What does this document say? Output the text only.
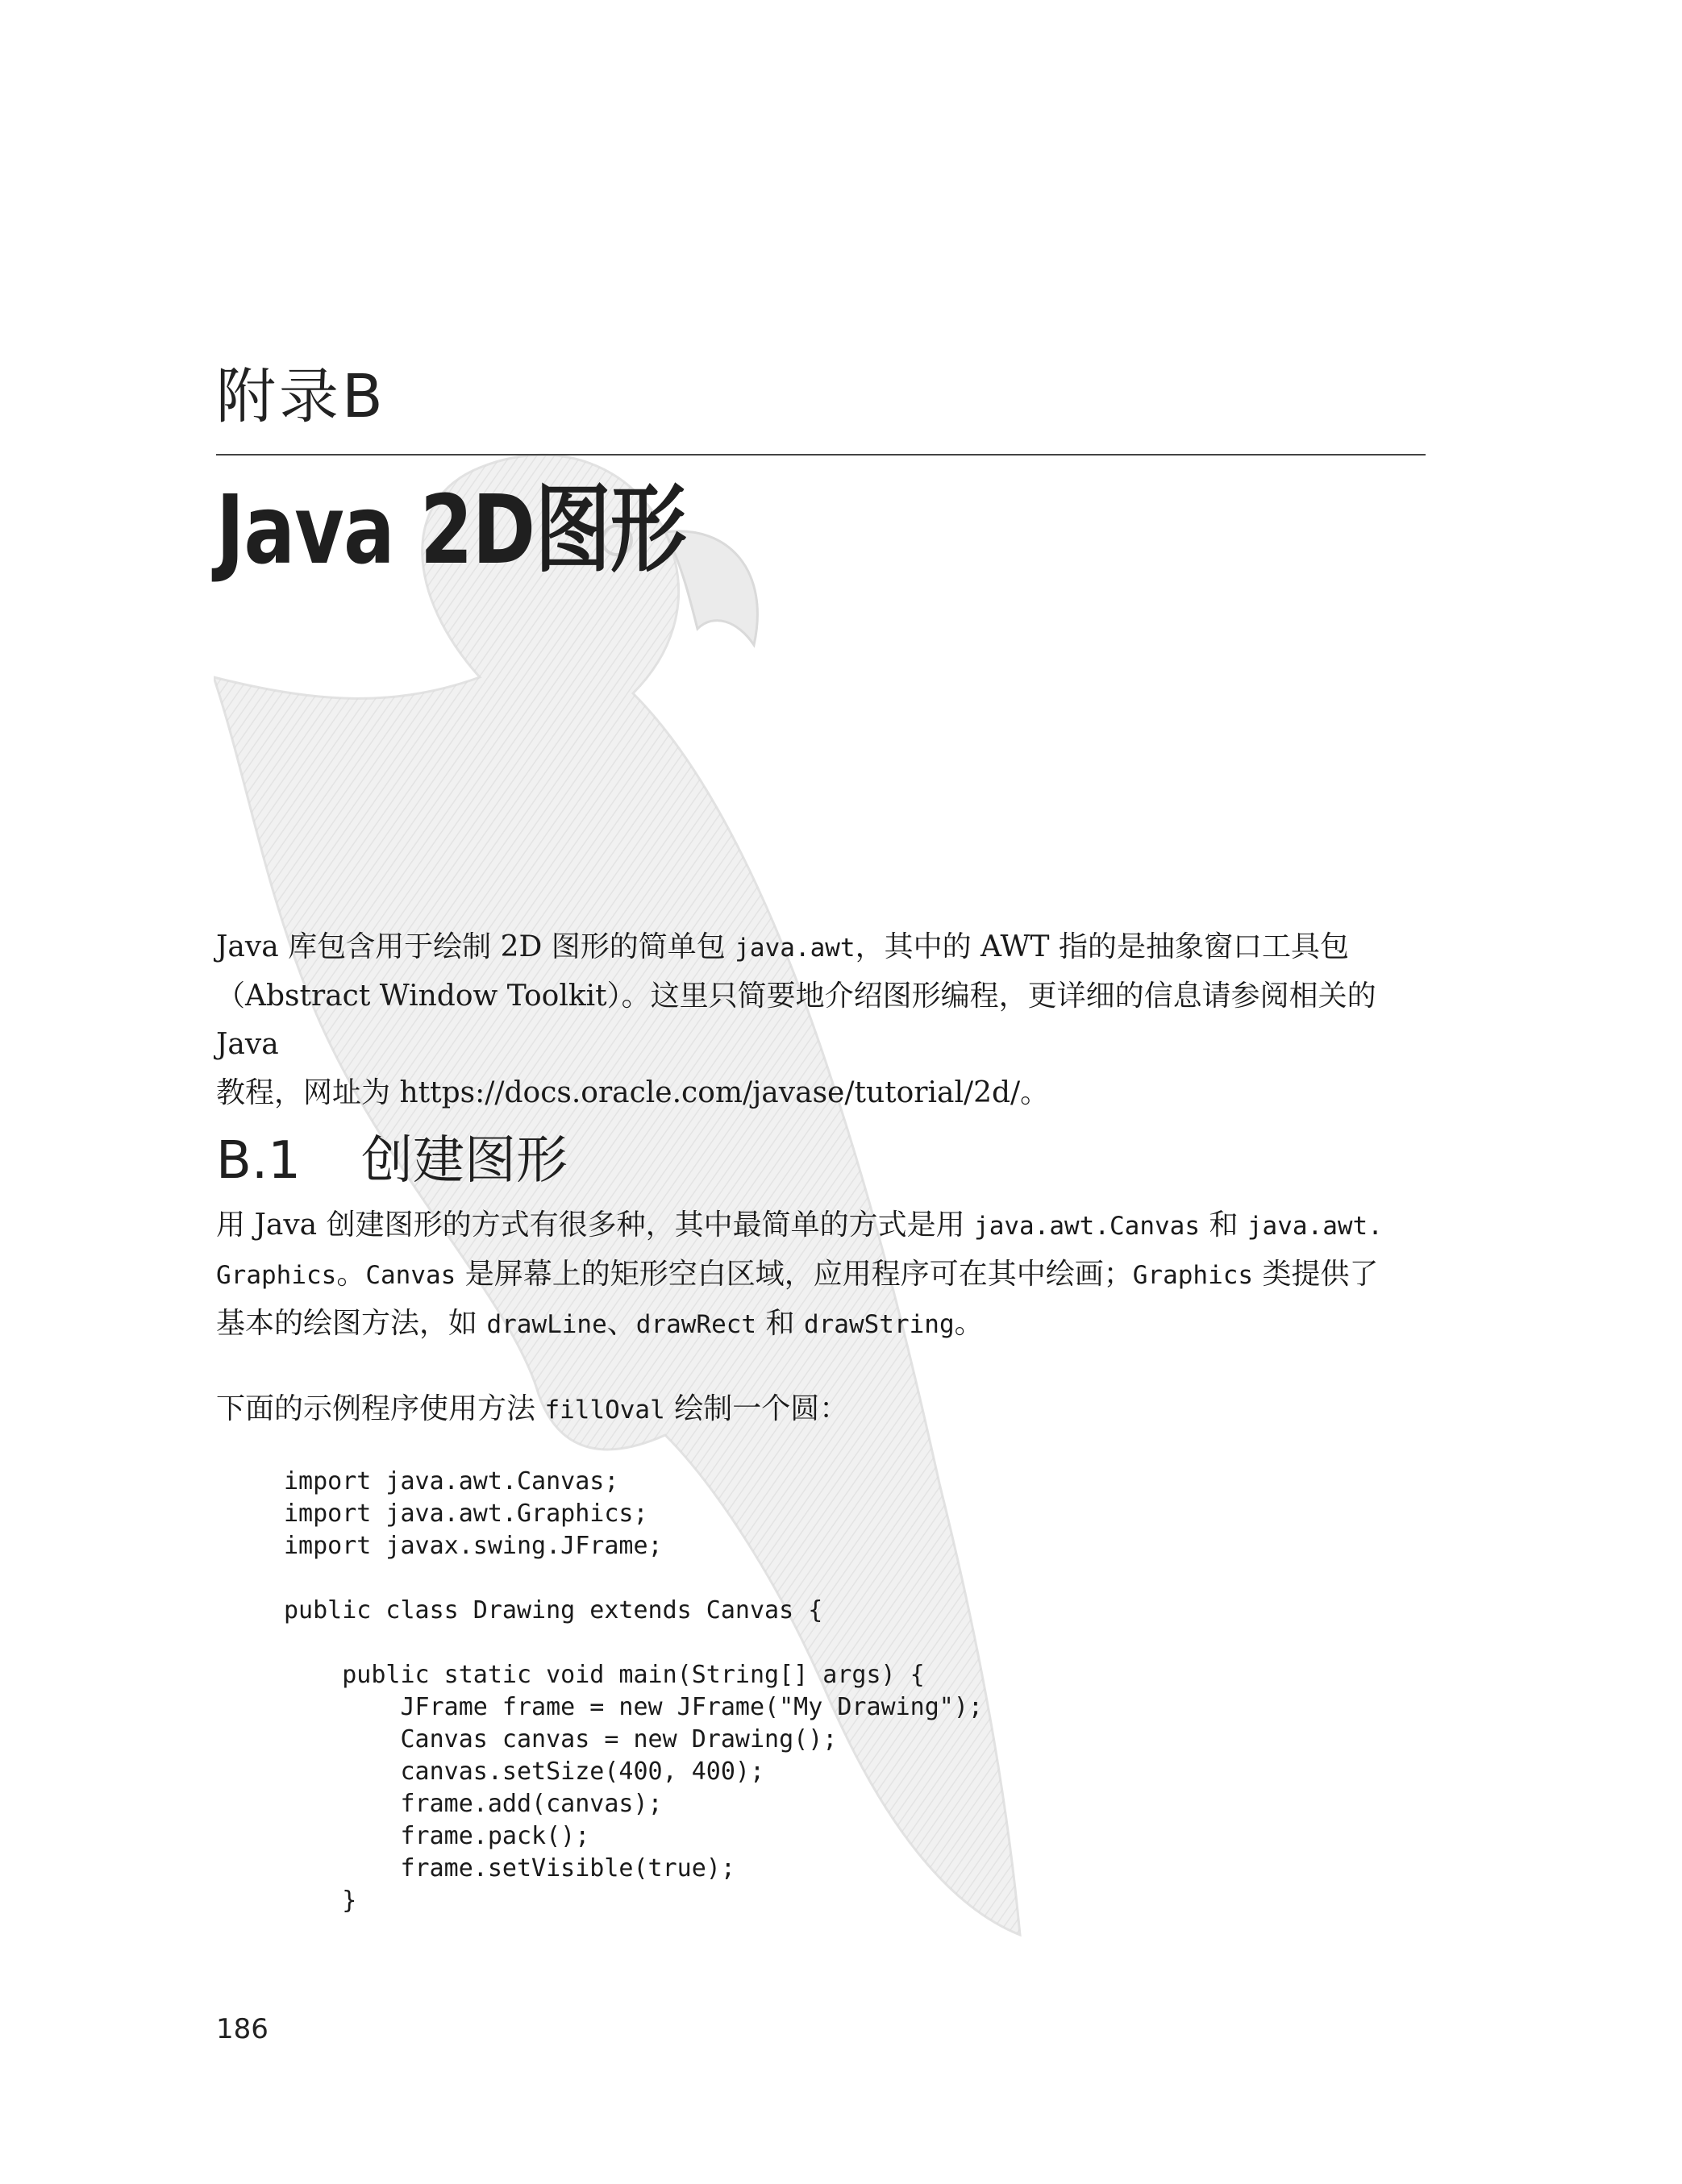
附录B
Java 2D图形

Java 库包含用于绘制 2D 图形的简单包 java.awt，其中的 AWT 指的是抽象窗口工具包
（Abstract Window Toolkit）。这里只简要地介绍图形编程，更详细的信息请参阅相关的 Java
教程，网址为 https://docs.oracle.com/javase/tutorial/2d/。

B.1 创建图形

用 Java 创建图形的方式有很多种，其中最简单的方式是用 java.awt.Canvas 和 java.awt.
Graphics。Canvas 是屏幕上的矩形空白区域，应用程序可在其中绘画；Graphics 类提供了
基本的绘图方法，如 drawLine、drawRect 和 drawString。

下面的示例程序使用方法 fillOval 绘制一个圆：

import java.awt.Canvas;
import java.awt.Graphics;
import javax.swing.JFrame;

public class Drawing extends Canvas {

public static void main(String[] args) {
JFrame frame = new JFrame("My Drawing");
Canvas canvas = new Drawing();
canvas.setSize(400, 400);
frame.add(canvas);
frame.pack();
frame.setVisible(true);
}
186
